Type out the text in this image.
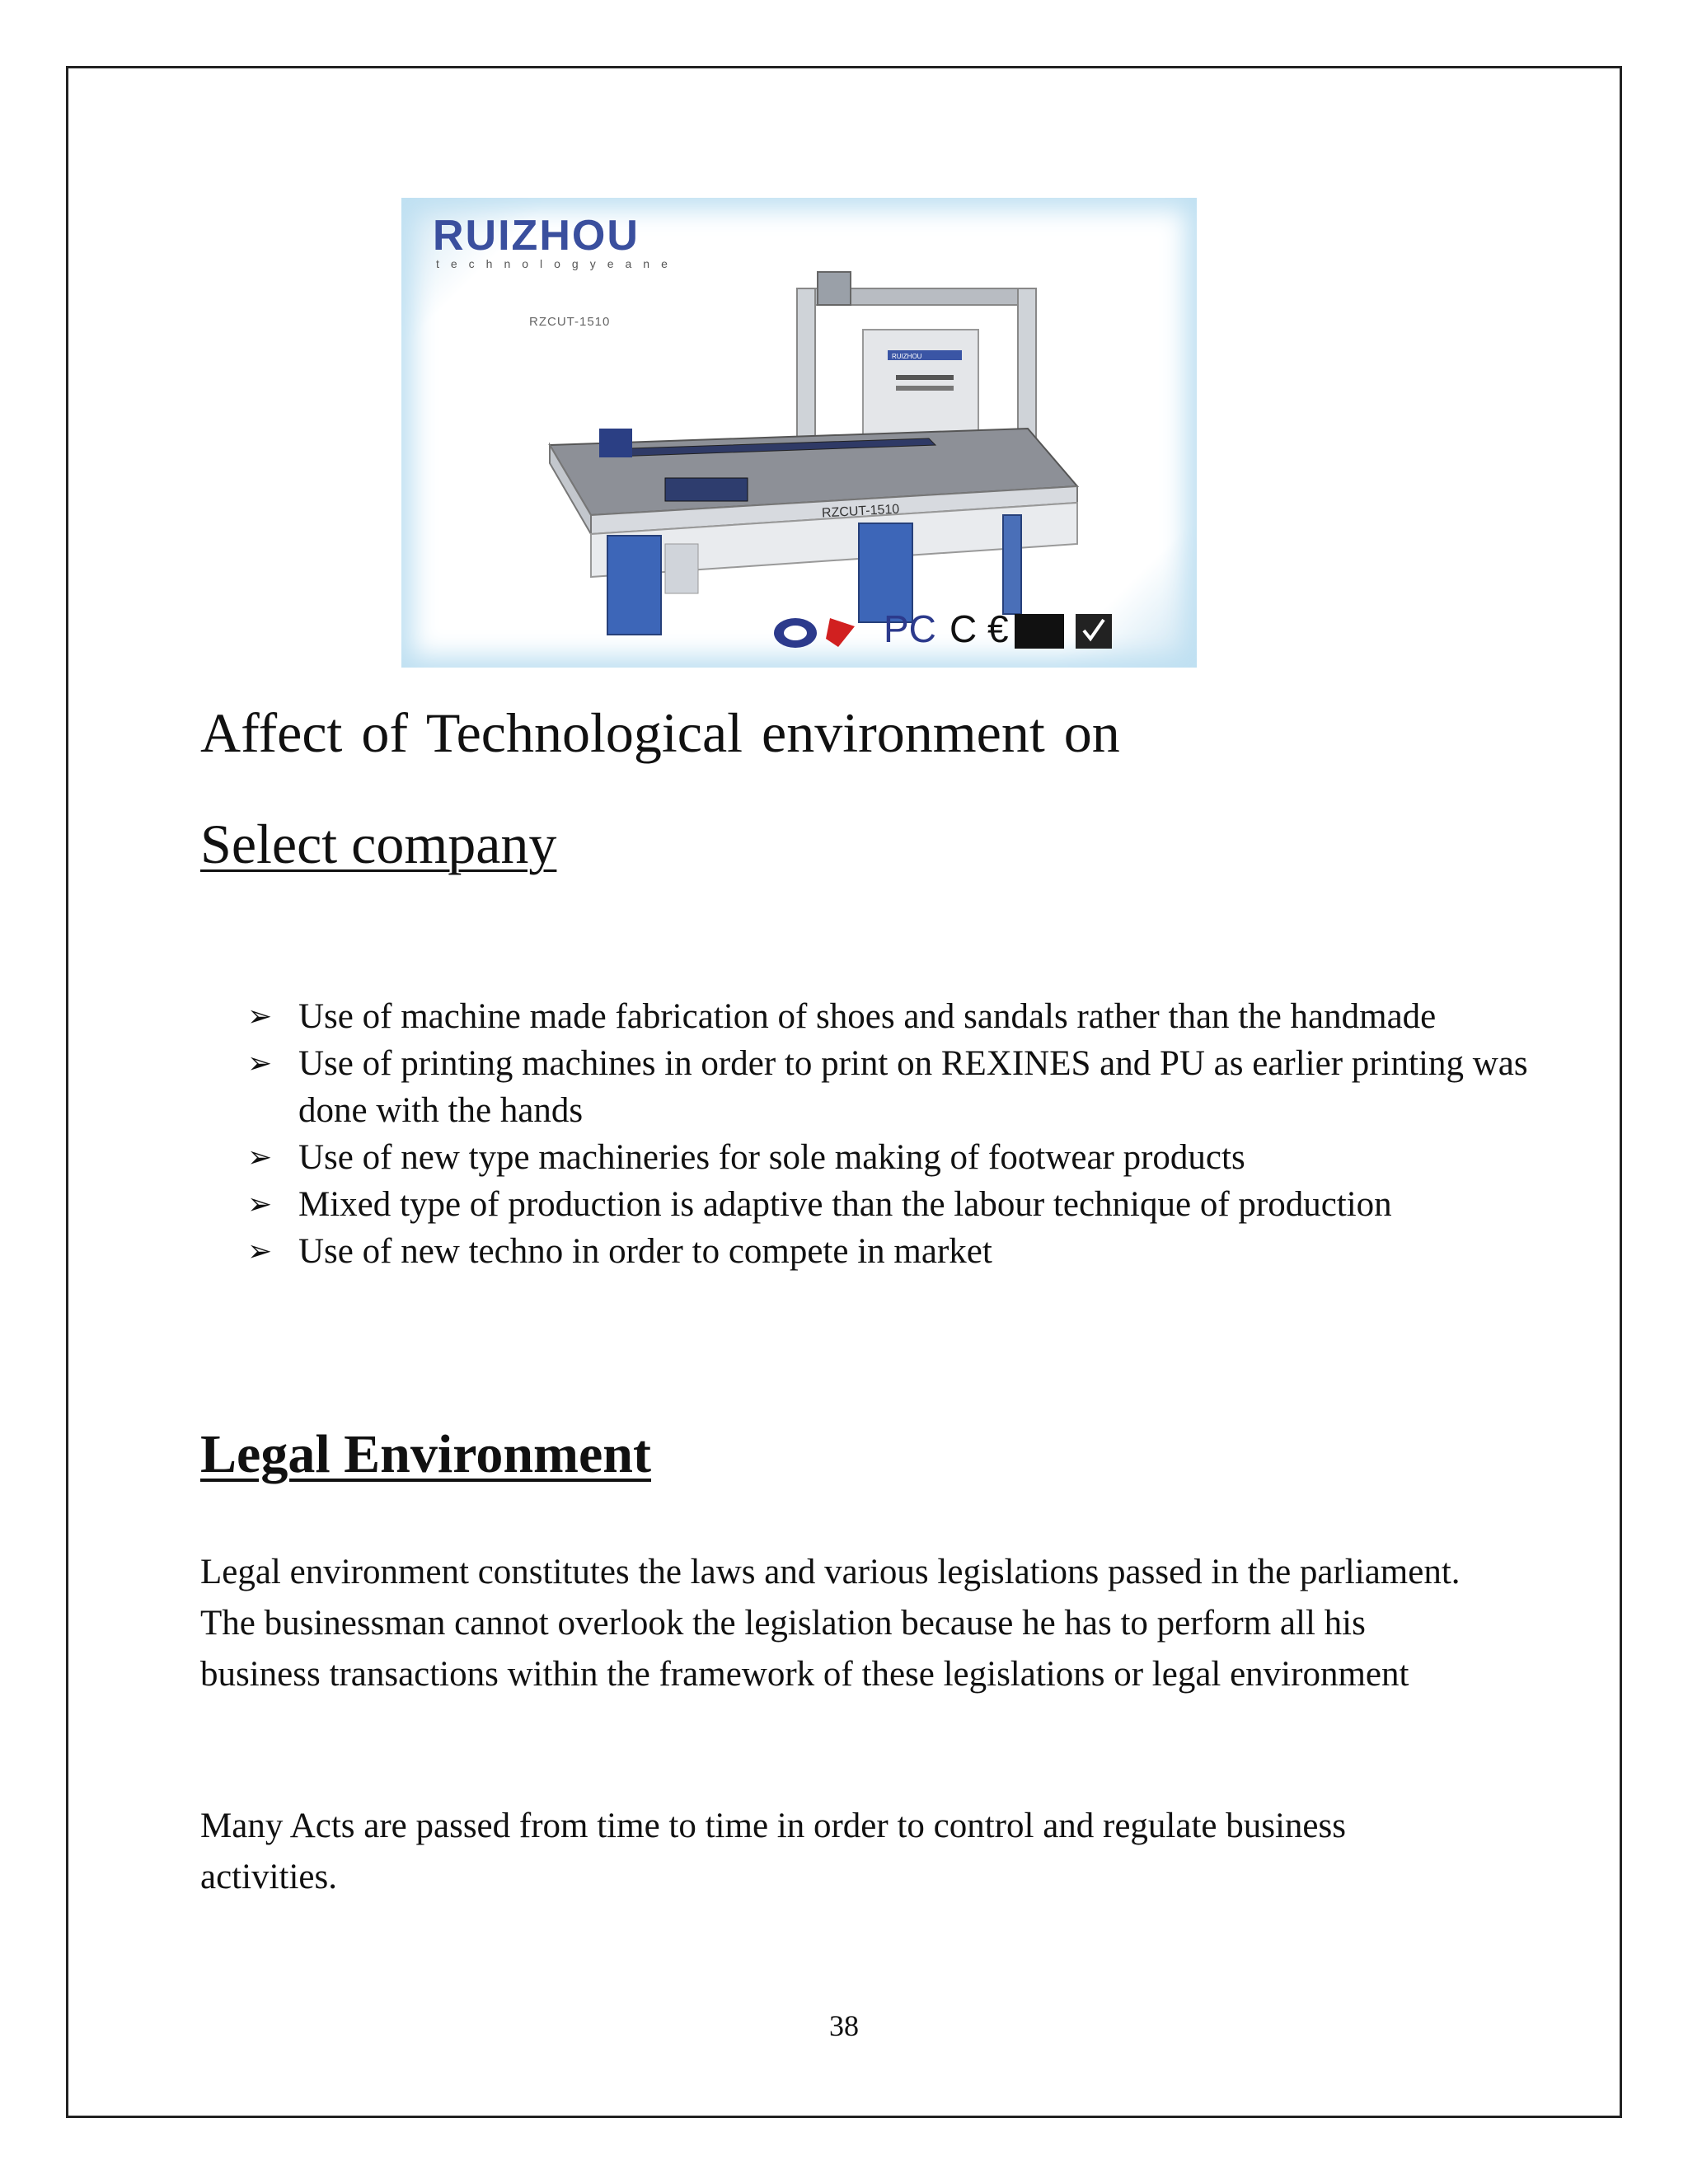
RUIZHOU
technologyeane
RZCUT-1510
RZCUT-1510
RUIZHOU
PC C €
Affect of Technological environment on
Select company
➢ Use of machine made fabrication of shoes and sandals rather than the handmade
➢ Use of printing machines in order to print on REXINES and PU as earlier printing was done with the hands
➢ Use of new type machineries for sole making of footwear products
➢ Mixed type of production is adaptive than the labour technique of production
➢ Use of new techno in order to compete in market
Legal Environment

Legal environment constitutes the laws and various legislations passed in the parliament. The businessman cannot overlook the legislation because he has to perform all his business transactions within the framework of these legislations or legal environment

Many Acts are passed from time to time in order to control and regulate business activities.

38
